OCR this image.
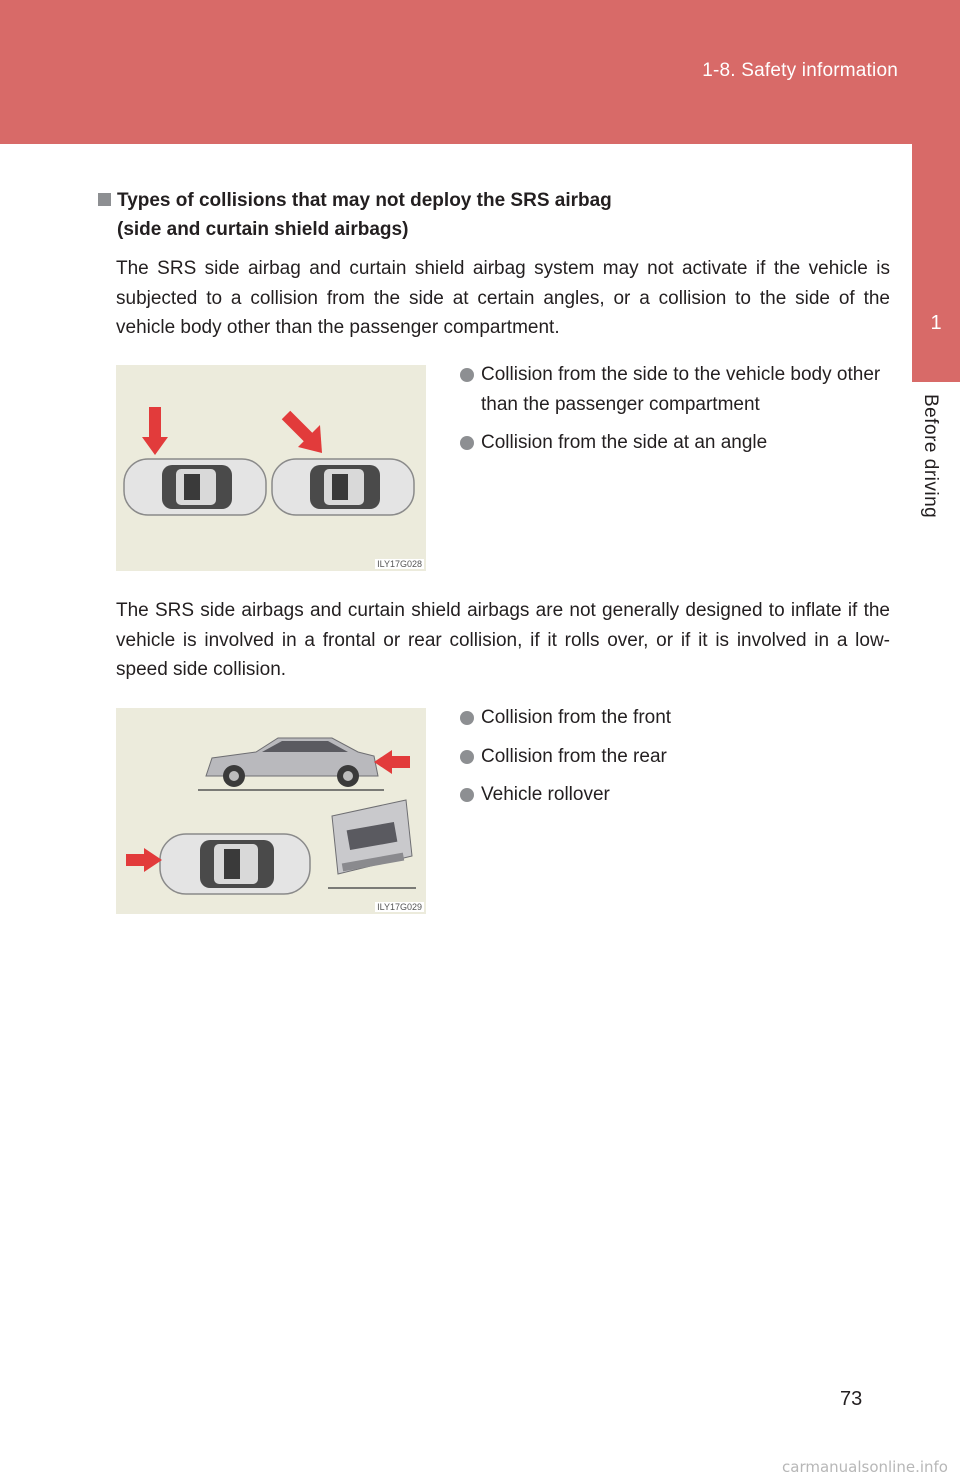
1-8. Safety information
1
Before driving
Types of collisions that may not deploy the SRS airbag
(side and curtain shield airbags)

The SRS side airbag and curtain shield airbag system may not activate if the vehicle is subjected to a collision from the side at certain angles, or a collision to the side of the vehicle body other than the passenger compartment.

ILY17G028
Collision from the side to the vehicle body other than the passenger compartment
Collision from the side at an angle

The SRS side airbags and curtain shield airbags are not generally designed to inflate if the vehicle is involved in a frontal or rear collision, if it rolls over, or if it is involved in a low-speed side collision.

ILY17G029
Collision from the front
Collision from the rear
Vehicle rollover
73
carmanualsonline.info
